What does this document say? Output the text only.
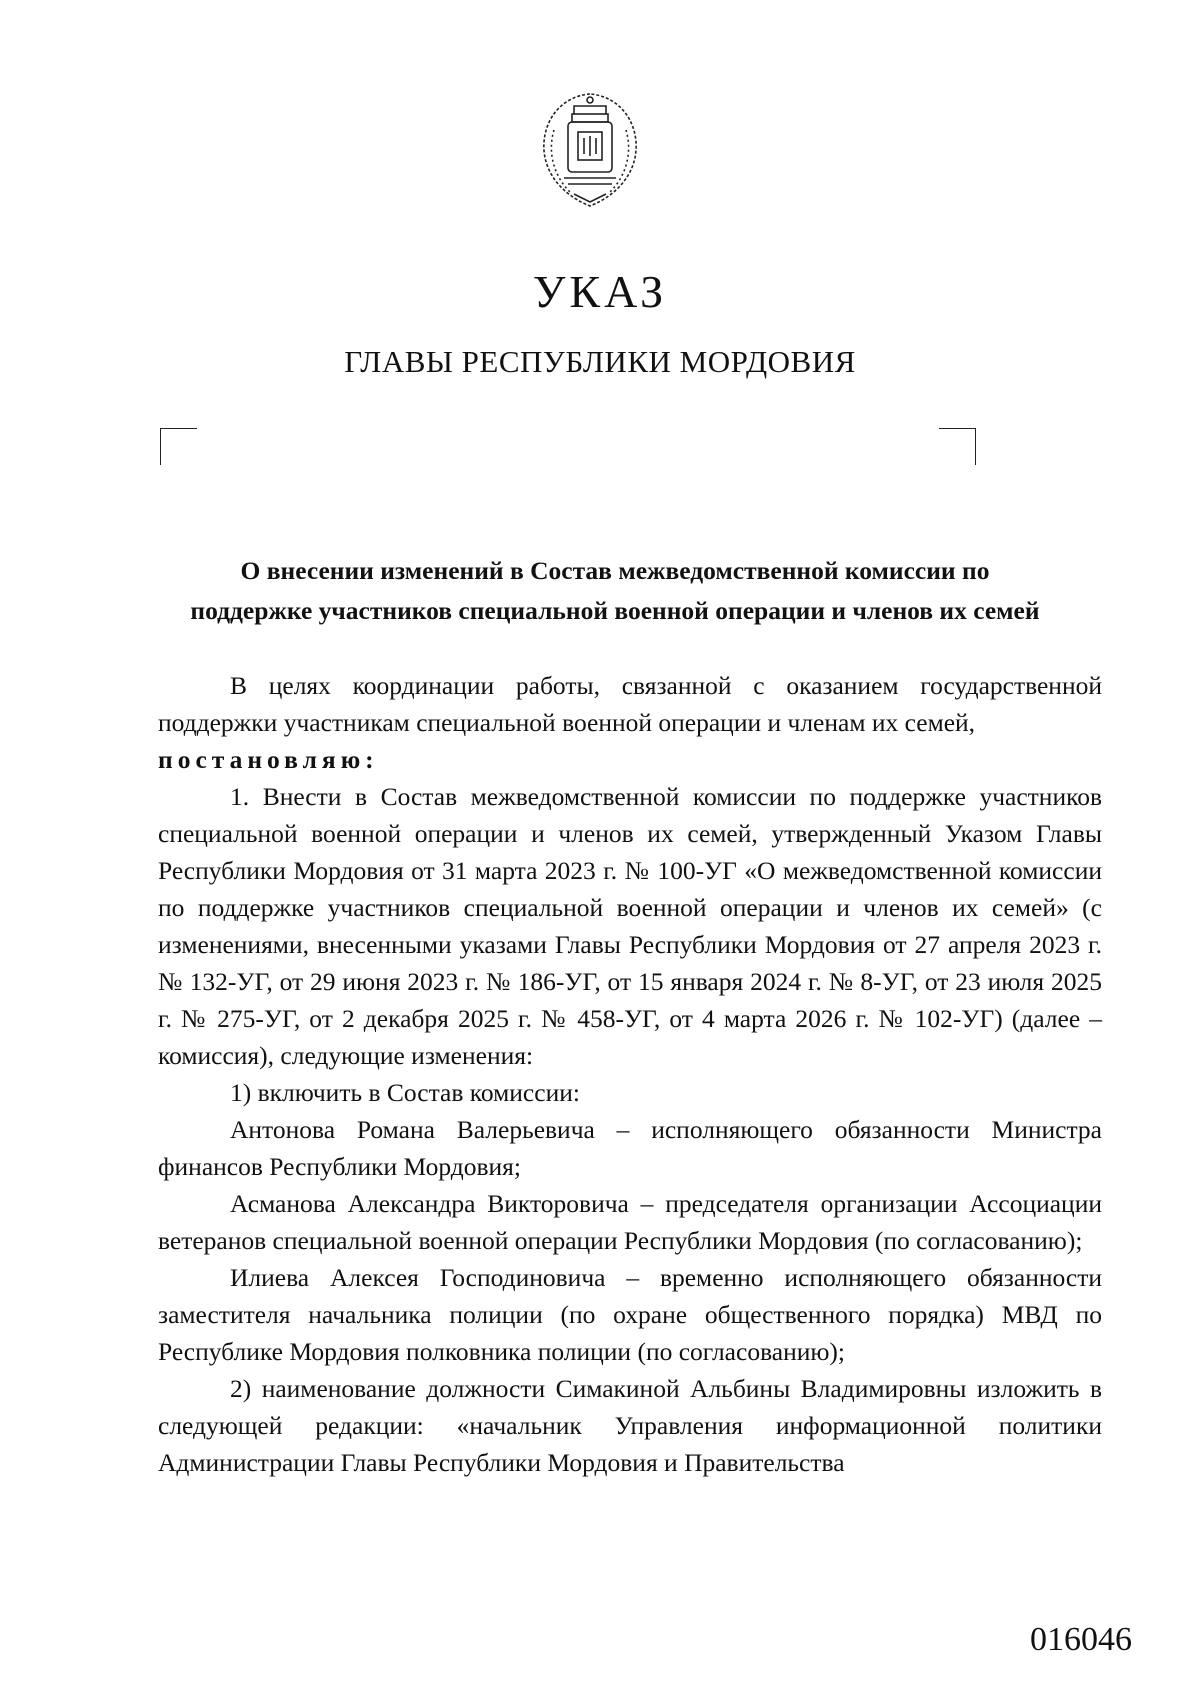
УКАЗ
ГЛАВЫ РЕСПУБЛИКИ МОРДОВИЯ
О внесении изменений в Состав межведомственной комиссии по
поддержке участников специальной военной операции и членов их семей

В целях координации работы, связанной с оказанием государственной поддержки участникам специальной военной операции и членам их семей,

постановляю:

1. Внести в Состав межведомственной комиссии по поддержке участников специальной военной операции и членов их семей, утвержденный Указом Главы Республики Мордовия от 31 марта 2023 г. № 100-УГ «О межведомственной комиссии по поддержке участников специальной военной операции и членов их семей» (с изменениями, внесенными указами Главы Республики Мордовия от 27 апреля 2023 г. № 132-УГ, от 29 июня 2023 г. № 186-УГ, от 15 января 2024 г. № 8-УГ, от 23 июля 2025 г. № 275-УГ, от 2 декабря 2025 г. № 458-УГ, от 4 марта 2026 г. № 102-УГ) (далее – комиссия), следующие изменения:

1) включить в Состав комиссии:

Антонова Романа Валерьевича – исполняющего обязанности Министра финансов Республики Мордовия;

Асманова Александра Викторовича – председателя организации Ассоциации ветеранов специальной военной операции Республики Мордовия (по согласованию);

Илиева Алексея Господиновича – временно исполняющего обязанности заместителя начальника полиции (по охране общественного порядка) МВД по Республике Мордовия полковника полиции (по согласованию);

2) наименование должности Симакиной Альбины Владимировны изложить в следующей редакции: «начальник Управления информационной политики Администрации Главы Республики Мордовия и Правительства

016046
